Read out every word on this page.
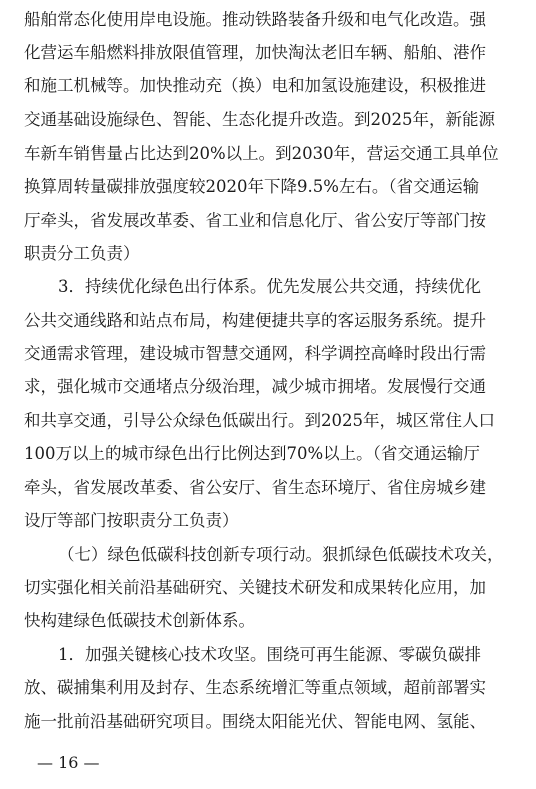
船舶常态化使用岸电设施。推动铁路装备升级和电气化改造。强
化营运车船燃料排放限值管理，加快淘汰老旧车辆、船舶、港作
和施工机械等。加快推动充（换）电和加氢设施建设，积极推进
交通基础设施绿色、智能、生态化提升改造。到2025年，新能源
车新车销售量占比达到20%以上。到2030年，营运交通工具单位
换算周转量碳排放强度较2020年下降9.5%左右。（省交通运输
厅牵头，省发展改革委、省工业和信息化厅、省公安厅等部门按
职责分工负责）
3．持续优化绿色出行体系。优先发展公共交通，持续优化
公共交通线路和站点布局，构建便捷共享的客运服务系统。提升
交通需求管理，建设城市智慧交通网，科学调控高峰时段出行需
求，强化城市交通堵点分级治理，减少城市拥堵。发展慢行交通
和共享交通，引导公众绿色低碳出行。到2025年，城区常住人口
100万以上的城市绿色出行比例达到70%以上。（省交通运输厅
牵头，省发展改革委、省公安厅、省生态环境厅、省住房城乡建
设厅等部门按职责分工负责）
（七）绿色低碳科技创新专项行动。狠抓绿色低碳技术攻关，
切实强化相关前沿基础研究、关键技术研发和成果转化应用，加
快构建绿色低碳技术创新体系。
1．加强关键核心技术攻坚。围绕可再生能源、零碳负碳排
放、碳捕集利用及封存、生态系统增汇等重点领域，超前部署实
施一批前沿基础研究项目。围绕太阳能光伏、智能电网、氢能、
— 16 —
